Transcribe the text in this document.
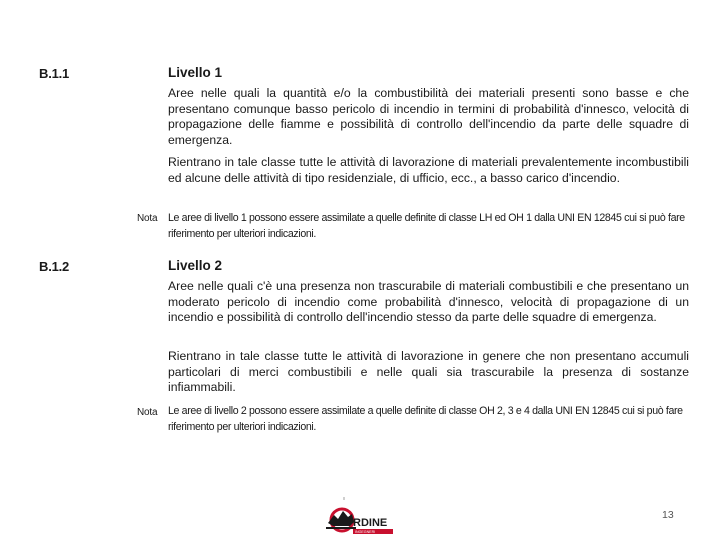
B.1.1	Livello 1

Aree nelle quali la quantità e/o la combustibilità dei materiali presenti sono basse e che presentano comunque basso pericolo di incendio in termini di probabilità d'innesco, velocità di propagazione delle fiamme e possibilità di controllo dell'incendio da parte delle squadre di emergenza.

Rientrano in tale classe tutte le attività di lavorazione di materiali prevalentemente incombustibili ed alcune delle attività di tipo residenziale, di ufficio, ecc., a basso carico d'incendio.

Nota Le aree di livello 1 possono essere assimilate a quelle definite di classe LH ed OH 1 dalla UNI EN 12845 cui si può fare riferimento per ulteriori indicazioni.

B.1.2	Livello 2

Aree nelle quali c'è una presenza non trascurabile di materiali combustibili e che presentano un moderato pericolo di incendio come probabilità d'innesco, velocità di propagazione di un incendio e possibilità di controllo dell'incendio stesso da parte delle squadre di emergenza.

Rientrano in tale classe tutte le attività di lavorazione in genere che non presentano accumuli particolari di merci combustibili e nelle quali sia trascurabile la presenza di sostanze infiammabili.

Nota Le aree di livello 2 possono essere assimilate a quelle definite di classe OH 2, 3 e 4 dalla UNI EN 12845 cui si può fare riferimento per ulteriori indicazioni.

RDINE
INGEGNERI
13
